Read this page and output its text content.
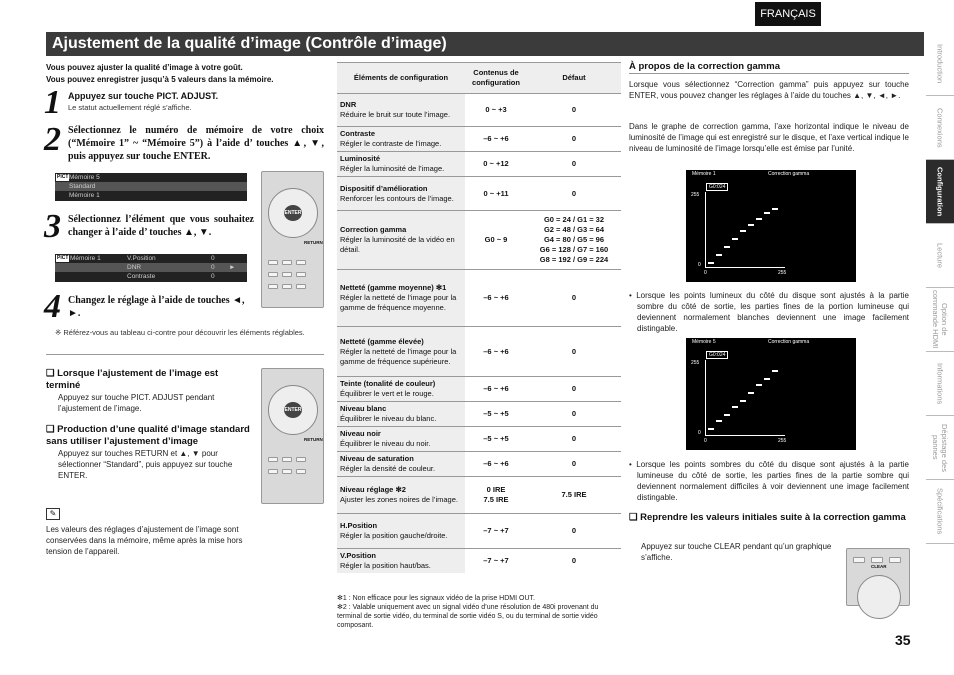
FRANÇAIS
Ajustement de la qualité d’image (Contrôle d’image)
Introduction
Connexions
Configuration
Lecture
Option de commande HDMI
Informations
Dépistage des pannes
Spécifications
Vous pouvez ajuster la qualité d’image à votre goût.
Vous pouvez enregistrer jusqu’à 5 valeurs dans la mémoire.
1 Appuyez sur touche PICT. ADJUST.
Le statut actuellement réglé s’affiche.
2 Sélectionnez le numéro de mémoire de votre choix (“Mémoire 1” ~ “Mémoire 5”) à l’aide d’ touches ▲, ▼, puis appuyez sur touche ENTER.
PICT Mémoire 5
Standard
Mémoire 1
3 Sélectionnez l’élément que vous souhaitez changer à l’aide d’ touches ▲, ▼.
PICT Mémoire 1	V.Position	0
DNR	0 ►
Contraste	0
4 Changez le réglage à l’aide de touches ◄, ►.
※ Référez-vous au tableau ci-contre pour découvrir les éléments réglables.
ENTER
RETURN
❑ Lorsque l’ajustement de l’image est terminé
Appuyez sur touche PICT. ADJUST pendant l’ajustement de l’image.
❑ Production d’une qualité d’image standard sans utiliser l’ajustement d’image
Appuyez sur touches RETURN et ▲, ▼ pour sélectionner “Standard”, puis appuyez sur touche ENTER.
✎
Les valeurs des réglages d’ajustement de l’image sont conservées dans la mémoire, même après la mise hors tension de l’appareil.
ENTER
RETURN
Éléments de configuration	Contenus de configuration	Défaut

DNR
Réduire le bruit sur toute l’image.	0 ~ +3	0

Contraste
Régler le contraste de l’image.	–6 ~ +6	0

Luminosité
Régler la luminosité de l’image.	0 ~ +12	0

Dispositif d’amélioration
Renforcer les contours de l’image.	0 ~ +11	0

Correction gamma
Régler la luminosité de la vidéo en détail.	G0 ~ 9	G0 = 24 / G1 = 32
G2 = 48 / G3 = 64
G4 = 80 / G5 = 96
G6 = 128 / G7 = 160
G8 = 192 / G9 = 224

Netteté (gamme moyenne) ✻1
Régler la netteté de l’image pour la gamme de fréquence moyenne.	–6 ~ +6	0

Netteté (gamme élevée)
Régler la netteté de l’image pour la gamme de fréquence supérieure.	–6 ~ +6	0

Teinte (tonalité de couleur)
Équilibrer le vert et le rouge.	–6 ~ +6	0

Niveau blanc
Équilibrer le niveau du blanc.	–5 ~ +5	0

Niveau noir
Équilibrer le niveau du noir.	–5 ~ +5	0

Niveau de saturation
Régler la densité de couleur.	–6 ~ +6	0

Niveau réglage ✻2
Ajuster les zones noires de l’image.	0 IRE
7.5 IRE	7.5 IRE

H.Position
Régler la position gauche/droite.	–7 ~ +7	0

V.Position
Régler la position haut/bas.	–7 ~ +7	0
✻1 : Non efficace pour les signaux vidéo de la prise HDMI OUT.
✻2 : Valable uniquement avec un signal vidéo d’une résolution de 480i provenant du terminal de sortie vidéo, du terminal de sortie vidéo S, ou du terminal de sortie vidéo composant.
À propos de la correction gamma
Lorsque vous sélectionnez “Correction gamma” puis appuyez sur touche ENTER, vous pouvez changer les réglages à l’aide du touches ▲, ▼, ◄, ►.
Dans le graphe de correction gamma, l’axe horizontal indique le niveau de luminosité de l’image qui est enregistré sur le disque, et l’axe vertical indique le niveau de luminosité de l’image lorsqu’elle est émise par l’unité.
Mémoire 1	Correction gamma
G0:024
255
0
0	255
• Lorsque les points lumineux du côté du disque sont ajustés à la partie sombre du côté de sortie, les parties fines de la portion lumineuse qui deviennent normalement blanches deviennent une image facilement distingable.
Mémoire 5	Correction gamma
G0:024
255
0
0	255
• Lorsque les points sombres du côté du disque sont ajustés à la partie lumineuse du côté de sortie, les parties fines de la partie sombre qui deviennent normalement difficiles à voir deviennent une image facilement distingable.
❑ Reprendre les valeurs initiales suite à la correction gamma
Appuyez sur touche CLEAR pendant qu’un graphique s’affiche.
CLEAR
35
